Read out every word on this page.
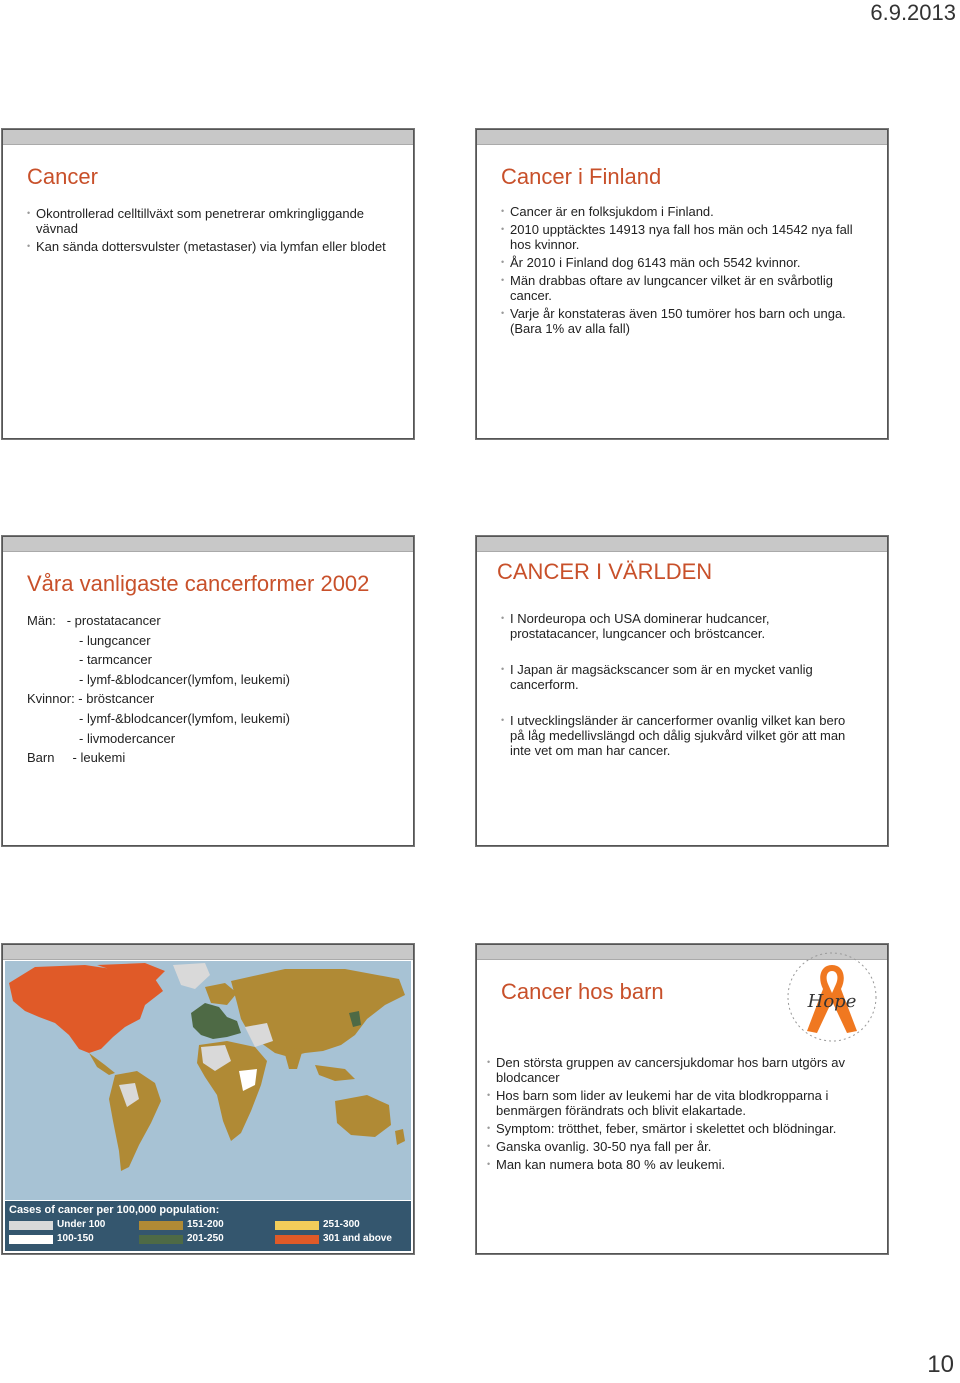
6.9.2013
Cancer
• Okontrollerad celltillväxt som penetrerar omkringliggande vävnad
• Kan sända dottersvulster (metastaser) via lymfan eller blodet
Cancer i Finland
• Cancer är en folksjukdom i Finland.
• 2010 upptäcktes 14913 nya fall hos män och 14542 nya fall hos kvinnor.
• År 2010 i Finland dog 6143 män och 5542 kvinnor.
• Män drabbas oftare av lungcancer vilket är en svårbotlig cancer.
• Varje år konstateras även 150 tumörer hos barn och unga. (Bara 1% av alla fall)
Våra vanligaste cancerformer 2002
Män:   - prostatacancer
- lungcancer
- tarmcancer
- lymf-&blodcancer(lymfom, leukemi)
Kvinnor: - bröstcancer
- lymf-&blodcancer(lymfom, leukemi)
- livmodercancer
Barn     - leukemi
CANCER I VÄRLDEN
• I Nordeuropa och USA dominerar hudcancer, prostatacancer, lungcancer och bröstcancer.
• I Japan är magsäckscancer som är en mycket vanlig cancerform.
• I utvecklingsländer är cancerformer ovanlig vilket kan bero på låg medellivslängd och dålig sjukvård vilket gör att man inte vet om man har cancer.
Cases of cancer per 100,000 population:
Under 100
100-150
151-200
201-250
251-300
301 and above
Cancer hos barn	Hope
• Den största gruppen av cancersjukdomar hos barn utgörs av blodcancer
• Hos barn som lider av leukemi har de vita blodkropparna i benmärgen förändrats och blivit elakartade.
• Symptom: trötthet, feber, smärtor i skelettet och blödningar.
• Ganska ovanlig. 30-50 nya fall per år.
• Man kan numera bota 80 % av leukemi.
10
